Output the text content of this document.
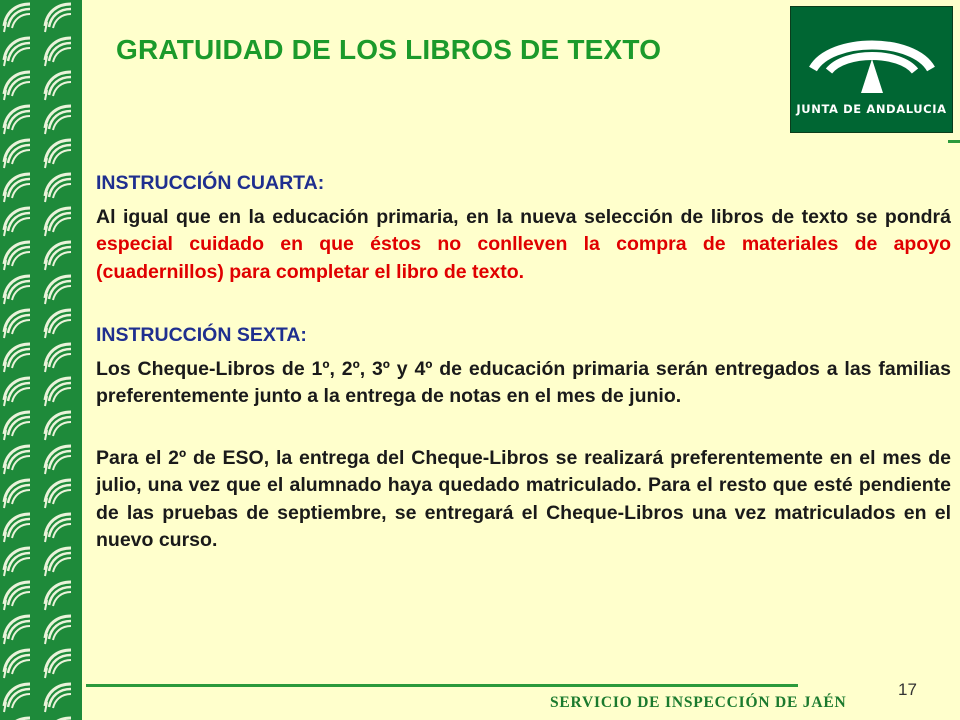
GRATUIDAD DE LOS LIBROS DE TEXTO
JUNTA DE ANDALUCIA

INSTRUCCIÓN CUARTA:

Al igual que en la educación primaria, en la nueva selección de libros de texto se pondrá especial cuidado en que éstos no conlleven la compra de materiales de apoyo (cuadernillos) para completar el libro de texto.

INSTRUCCIÓN SEXTA:

Los Cheque-Libros de 1º, 2º, 3º y 4º de educación primaria serán entregados a las familias preferentemente junto a la entrega de notas en el mes de junio.

Para el 2º de ESO, la entrega del Cheque-Libros se realizará preferentemente en el mes de julio, una vez que el alumnado haya quedado matriculado. Para el resto que esté pendiente de las pruebas de septiembre, se entregará el Cheque-Libros una vez matriculados en el nuevo curso.

17
SERVICIO DE INSPECCIÓN DE JAÉN
